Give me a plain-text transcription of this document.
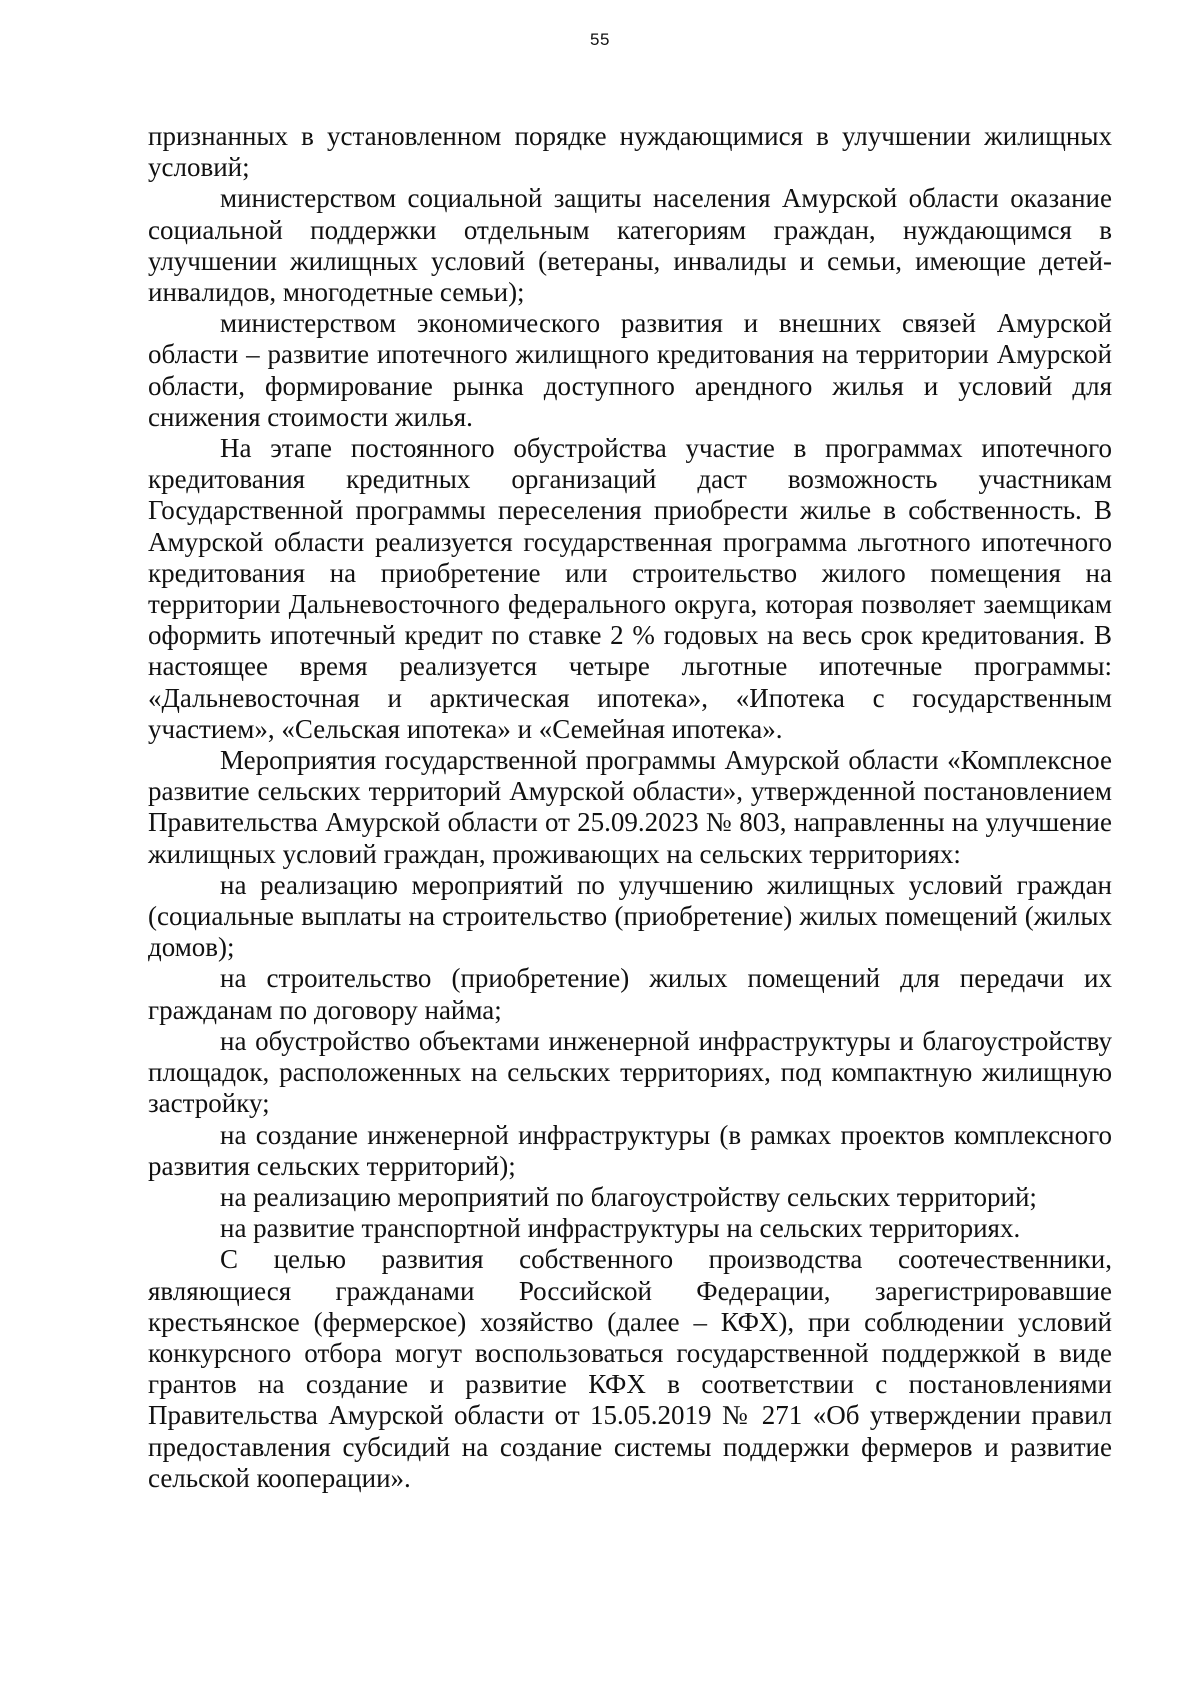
55

признанных в установленном порядке нуждающимися в улучшении жилищных условий;

министерством социальной защиты населения Амурской области оказание социальной поддержки отдельным категориям граждан, нуждающимся в улучшении жилищных условий (ветераны, инвалиды и семьи, имеющие детей-инвалидов, многодетные семьи);

министерством экономического развития и внешних связей Амурской области – развитие ипотечного жилищного кредитования на территории Амурской области, формирование рынка доступного арендного жилья и условий для снижения стоимости жилья.

На этапе постоянного обустройства участие в программах ипотечного кредитования кредитных организаций даст возможность участникам Государственной программы переселения приобрести жилье в собственность. В Амурской области реализуется государственная программа льготного ипотечного кредитования на приобретение или строительство жилого помещения на территории Дальневосточного федерального округа, которая позволяет заемщикам оформить ипотечный кредит по ставке 2 % годовых на весь срок кредитования. В настоящее время реализуется четыре льготные ипотечные программы: «Дальневосточная и арктическая ипотека», «Ипотека с государственным участием», «Сельская ипотека» и «Семейная ипотека».

Мероприятия государственной программы Амурской области «Комплексное развитие сельских территорий Амурской области», утвержденной постановлением Правительства Амурской области от 25.09.2023 № 803, направленны на улучшение жилищных условий граждан, проживающих на сельских территориях:

на реализацию мероприятий по улучшению жилищных условий граждан (социальные выплаты на строительство (приобретение) жилых помещений (жилых домов);

на строительство (приобретение) жилых помещений для передачи их гражданам по договору найма;

на обустройство объектами инженерной инфраструктуры и благоустройству площадок, расположенных на сельских территориях, под компактную жилищную застройку;

на создание инженерной инфраструктуры (в рамках проектов комплексного развития сельских территорий);

на реализацию мероприятий по благоустройству сельских территорий;

на развитие транспортной инфраструктуры на сельских территориях.

С целью развития собственного производства соотечественники, являющиеся гражданами Российской Федерации, зарегистрировавшие крестьянское (фермерское) хозяйство (далее – КФХ), при соблюдении условий конкурсного отбора могут воспользоваться государственной поддержкой в виде грантов на создание и развитие КФХ в соответствии с постановлениями Правительства Амурской области от 15.05.2019 № 271 «Об утверждении правил предоставления субсидий на создание системы поддержки фермеров и развитие сельской кооперации».
